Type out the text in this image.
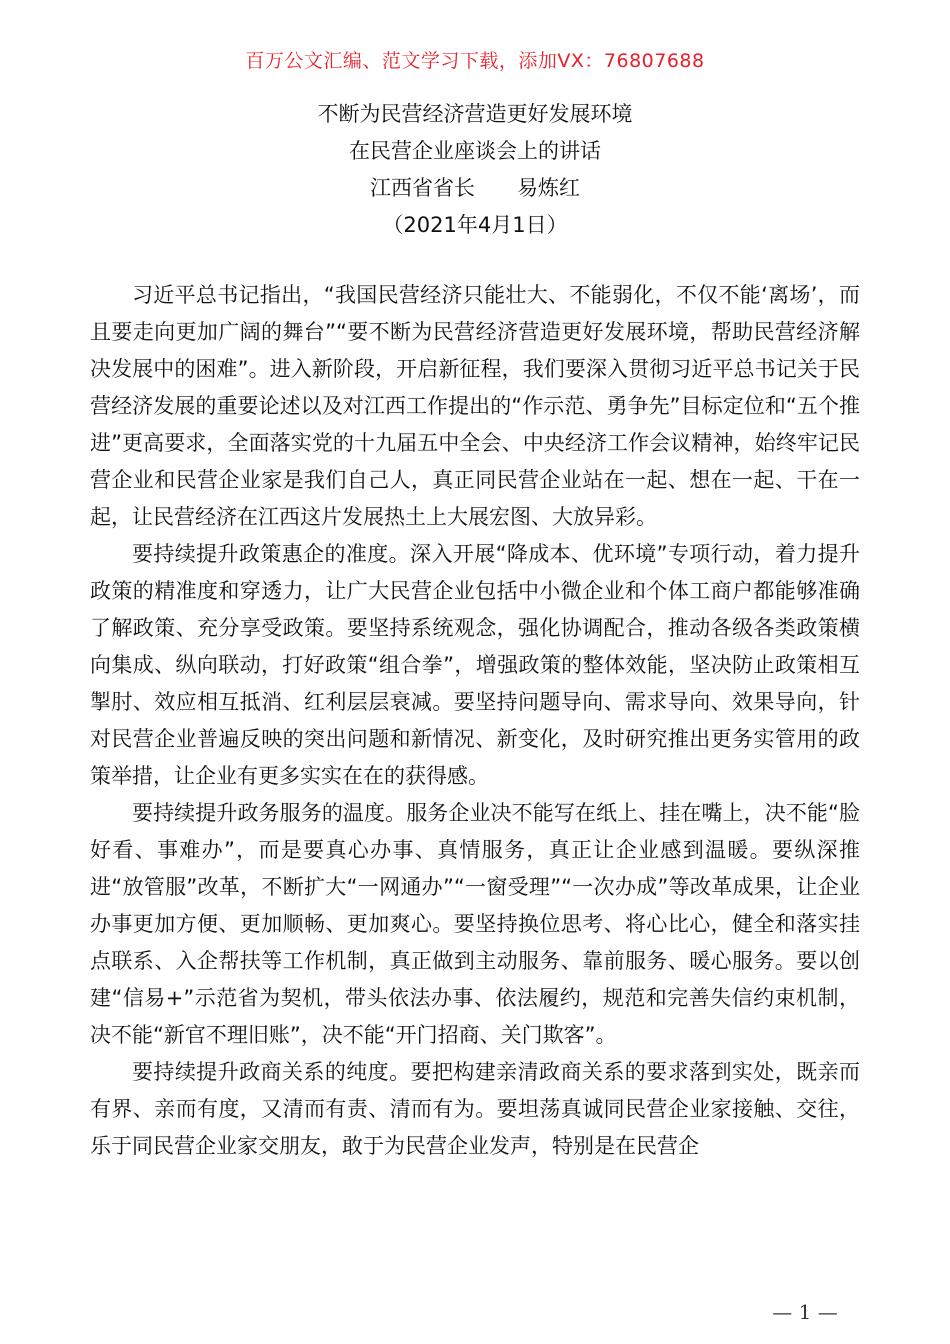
百万公文汇编、范文学习下载，添加VX：76807688
不断为民营经济营造更好发展环境
在民营企业座谈会上的讲话
江西省省长　　易炼红
（2021年4月1日）

习近平总书记指出，“我国民营经济只能壮大、不能弱化，不仅不能‘离场’，而且要走向更加广阔的舞台”“要不断为民营经济营造更好发展环境，帮助民营经济解决发展中的困难”。进入新阶段，开启新征程，我们要深入贯彻习近平总书记关于民营经济发展的重要论述以及对江西工作提出的“作示范、勇争先”目标定位和“五个推进”更高要求，全面落实党的十九届五中全会、中央经济工作会议精神，始终牢记民营企业和民营企业家是我们自己人，真正同民营企业站在一起、想在一起、干在一起，让民营经济在江西这片发展热土上大展宏图、大放异彩。

要持续提升政策惠企的准度。深入开展“降成本、优环境”专项行动，着力提升政策的精准度和穿透力，让广大民营企业包括中小微企业和个体工商户都能够准确了解政策、充分享受政策。要坚持系统观念，强化协调配合，推动各级各类政策横向集成、纵向联动，打好政策“组合拳”，增强政策的整体效能，坚决防止政策相互掣肘、效应相互抵消、红利层层衰减。要坚持问题导向、需求导向、效果导向，针对民营企业普遍反映的突出问题和新情况、新变化，及时研究推出更务实管用的政策举措，让企业有更多实实在在的获得感。

要持续提升政务服务的温度。服务企业决不能写在纸上、挂在嘴上，决不能“脸好看、事难办”，而是要真心办事、真情服务，真正让企业感到温暖。要纵深推进“放管服”改革，不断扩大“一网通办”“一窗受理”“一次办成”等改革成果，让企业办事更加方便、更加顺畅、更加爽心。要坚持换位思考、将心比心，健全和落实挂点联系、入企帮扶等工作机制，真正做到主动服务、靠前服务、暖心服务。要以创建“信易+”示范省为契机，带头依法办事、依法履约，规范和完善失信约束机制，决不能“新官不理旧账”，决不能“开门招商、关门欺客”。

要持续提升政商关系的纯度。要把构建亲清政商关系的要求落到实处，既亲而有界、亲而有度，又清而有责、清而有为。要坦荡真诚同民营企业家接触、交往，乐于同民营企业家交朋友，敢于为民营企业发声，特别是在民营企

— 1 —
